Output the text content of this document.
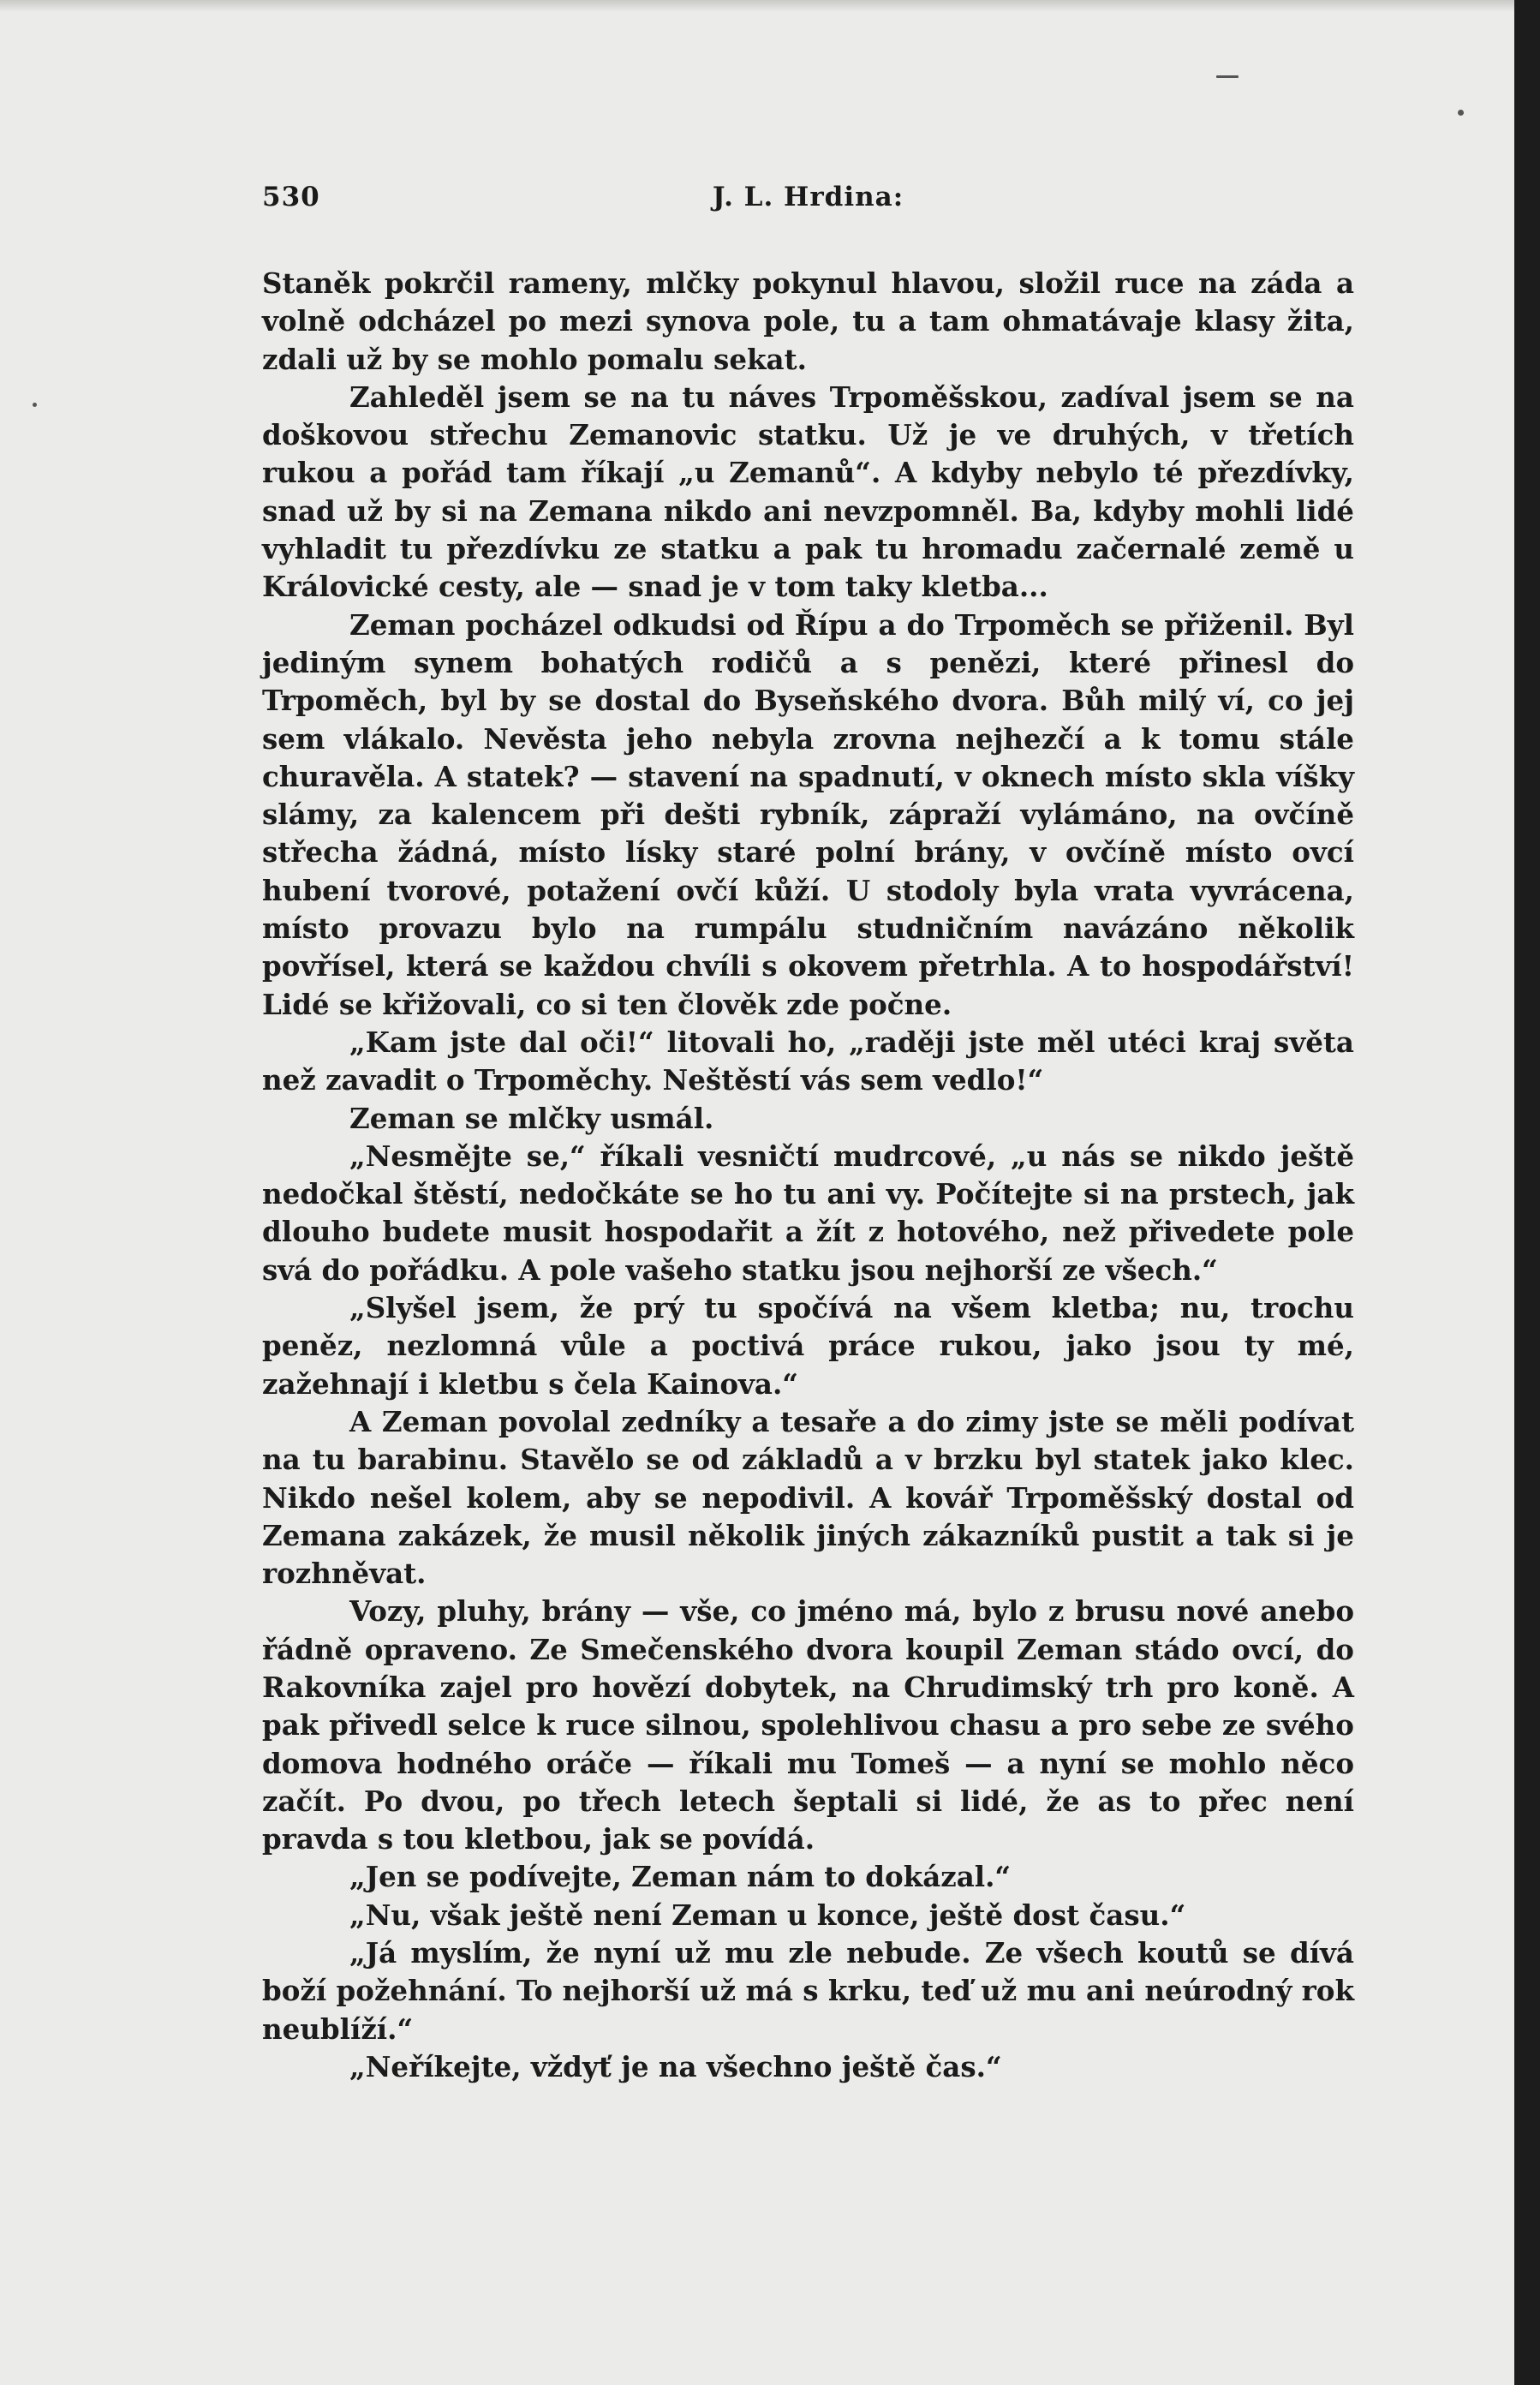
530	J. L. Hrdina:

Staněk pokrčil rameny, mlčky pokynul hlavou, složil ruce na záda a volně odcházel po mezi synova pole, tu a tam ohmatávaje klasy žita, zdali už by se mohlo pomalu sekat.

Zahleděl jsem se na tu náves Trpoměšskou, zadíval jsem se na doškovou střechu Zemanovic statku. Už je ve druhých, v třetích rukou a pořád tam říkají „u Zemanů“. A kdyby nebylo té přezdívky, snad už by si na Zemana nikdo ani nevzpomněl. Ba, kdyby mohli lidé vyhladit tu přezdívku ze statku a pak tu hromadu začernalé země u Královické cesty, ale — snad je v tom taky kletba...

Zeman pocházel odkudsi od Řípu a do Trpoměch se přiženil. Byl jediným synem bohatých rodičů a s penězi, které přinesl do Trpoměch, byl by se dostal do Byseňského dvora. Bůh milý ví, co jej sem vlákalo. Nevěsta jeho nebyla zrovna nejhezčí a k tomu stále churavěla. A statek? — stavení na spadnutí, v oknech místo skla víšky slámy, za kalencem při dešti rybník, zápraží vylámáno, na ovčíně střecha žádná, místo lísky staré polní brány, v ovčíně místo ovcí hubení tvorové, potažení ovčí kůží. U stodoly byla vrata vyvrácena, místo provazu bylo na rumpálu studničním navázáno několik povřísel, která se každou chvíli s okovem přetrhla. A to hospodářství! Lidé se křižovali, co si ten člověk zde počne.

„Kam jste dal oči!“ litovali ho, „raději jste měl utéci kraj světa než zavadit o Trpoměchy. Neštěstí vás sem vedlo!“

Zeman se mlčky usmál.

„Nesmějte se,“ říkali vesničtí mudrcové, „u nás se nikdo ještě nedočkal štěstí, nedočkáte se ho tu ani vy. Počítejte si na prstech, jak dlouho budete musit hospodařit a žít z hotového, než přivedete pole svá do pořádku. A pole vašeho statku jsou nejhorší ze všech.“

„Slyšel jsem, že prý tu spočívá na všem kletba; nu, trochu peněz, nezlomná vůle a poctivá práce rukou, jako jsou ty mé, zažehnají i kletbu s čela Kainova.“

A Zeman povolal zedníky a tesaře a do zimy jste se měli podívat na tu barabinu. Stavělo se od základů a v brzku byl statek jako klec. Nikdo nešel kolem, aby se nepodivil. A kovář Trpoměšský dostal od Zemana zakázek, že musil několik jiných zákazníků pustit a tak si je rozhněvat.

Vozy, pluhy, brány — vše, co jméno má, bylo z brusu nové anebo řádně opraveno. Ze Smečenského dvora koupil Zeman stádo ovcí, do Rakovníka zajel pro hovězí dobytek, na Chrudimský trh pro koně. A pak přivedl selce k ruce silnou, spolehlivou chasu a pro sebe ze svého domova hodného oráče — říkali mu Tomeš — a nyní se mohlo něco začít. Po dvou, po třech letech šeptali si lidé, že as to přec není pravda s tou kletbou, jak se povídá.

„Jen se podívejte, Zeman nám to dokázal.“

„Nu, však ještě není Zeman u konce, ještě dost času.“

„Já myslím, že nyní už mu zle nebude. Ze všech koutů se dívá boží požehnání. To nejhorší už má s krku, teď už mu ani neúrodný rok neublíží.“

„Neříkejte, vždyť je na všechno ještě čas.“
